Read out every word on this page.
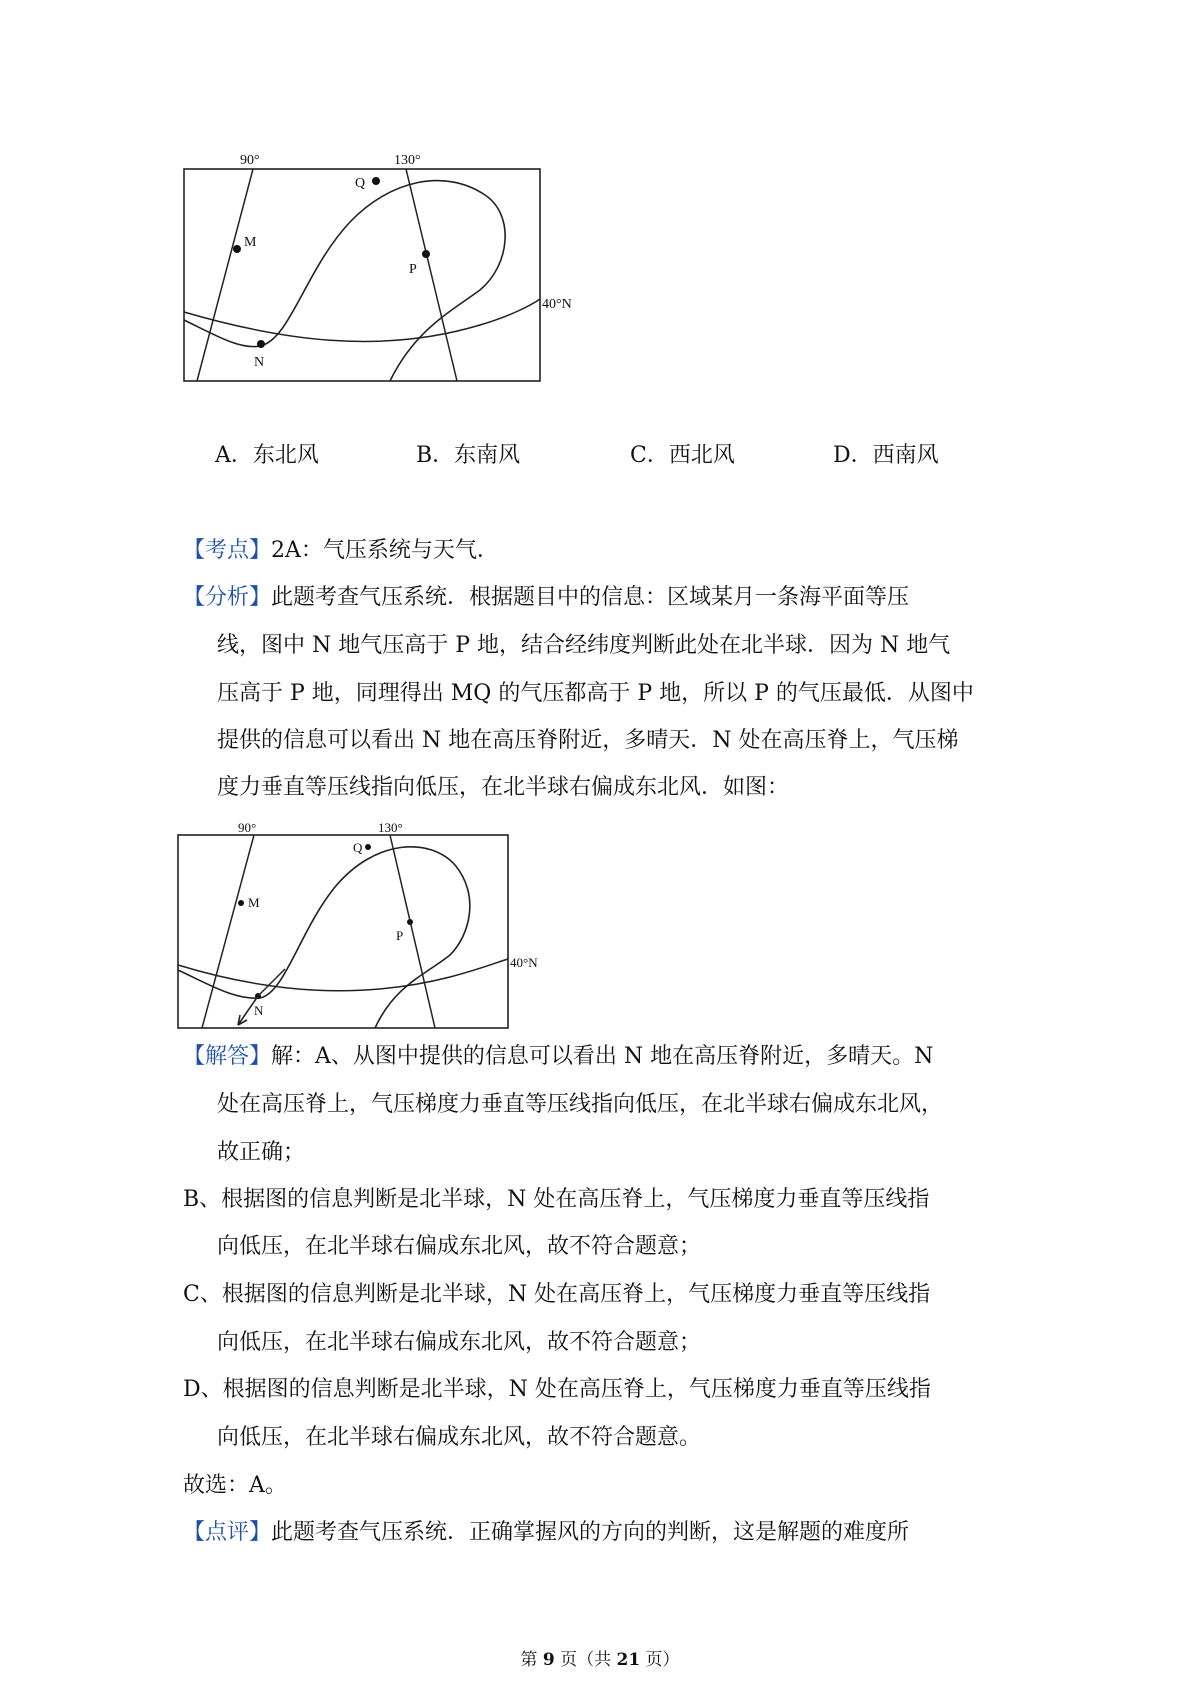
90°	130°
40°N
Q
M
P
N
A．东北风	B．东南风	C．西北风	D．西南风
【考点】2A：气压系统与天气．
【分析】此题考查气压系统．根据题目中的信息：区域某月一条海平面等压
线，图中 N 地气压高于 P 地，结合经纬度判断此处在北半球．因为 N 地气
压高于 P 地，同理得出 MQ 的气压都高于 P 地，所以 P 的气压最低．从图中
提供的信息可以看出 N 地在高压脊附近，多晴天．N 处在高压脊上，气压梯
度力垂直等压线指向低压，在北半球右偏成东北风．如图：
90°	130°
40°N
Q
M
P
N
【解答】解：A、从图中提供的信息可以看出 N 地在高压脊附近，多晴天。N
处在高压脊上，气压梯度力垂直等压线指向低压，在北半球右偏成东北风，
故正确；
B、根据图的信息判断是北半球，N 处在高压脊上，气压梯度力垂直等压线指
向低压，在北半球右偏成东北风，故不符合题意；
C、根据图的信息判断是北半球，N 处在高压脊上，气压梯度力垂直等压线指
向低压，在北半球右偏成东北风，故不符合题意；
D、根据图的信息判断是北半球，N 处在高压脊上，气压梯度力垂直等压线指
向低压，在北半球右偏成东北风，故不符合题意。
故选：A。
【点评】此题考查气压系统．正确掌握风的方向的判断，这是解题的难度所
第 9 页（共 21 页）
